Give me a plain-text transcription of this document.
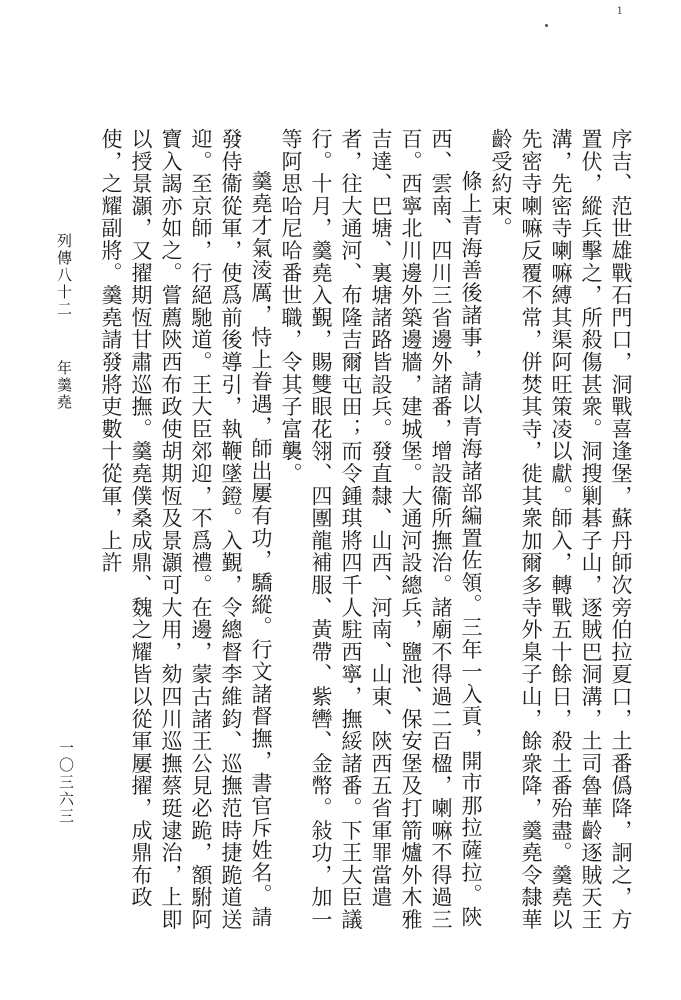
1

序吉、范世雄戰石門口，洞戰喜逢堡，蘇丹師次旁伯拉夏口，土番僞降，詗之，方置伏，縱兵擊之，所殺傷甚衆。洞搜剿碁子山，逐賊巴洞溝，土司魯華齡逐賊天王溝，先密寺喇嘛縛其渠阿旺策凌以獻。師入，轉戰五十餘日，殺土番殆盡。羹堯以先密寺喇嘛反覆不常，併焚其寺，徙其衆加爾多寺外臬子山，餘衆降，羹堯令隸華齡受約束。

條上青海善後諸事，請以青海諸部編置佐領。三年一入貢，開市那拉薩拉。陝西、雲南、四川三省邊外諸番，增設衞所撫治。諸廟不得過二百楹，喇嘛不得過三百。西寧北川邊外築邊牆，建城堡。大通河設總兵，鹽池、保安堡及打箭爐外木雅吉達、巴塘、裏塘諸路皆設兵。發直隸、山西、河南、山東、陝西五省軍罪當遣者，往大通河、布隆吉爾屯田；而令鍾琪將四千人駐西寧，撫綏諸番。下王大臣議行。十月，羹堯入覲，賜雙眼花翎、四團龍補服、黃帶、紫轡、金幣。敍功，加一等阿思哈尼哈番世職，令其子富襲。

羹堯才氣淩厲，恃上眷遇，師出屢有功，驕縱。行文諸督撫，書官斥姓名。請發侍衞從軍，使爲前後導引，執鞭墜鐙。入覲，令總督李維鈞、巡撫范時捷跪道送迎。至京師，行絕馳道。王大臣郊迎，不爲禮。在邊，蒙古諸王公見必跪，額駙阿寶入謁亦如之。嘗薦陝西布政使胡期恆及景灝可大用，劾四川巡撫蔡珽逮治，上即以授景灝，又擢期恆甘肅巡撫。羹堯僕桑成鼎、魏之耀皆以從軍屢擢，成鼎布政使，之耀副將。羹堯請發將吏數十從軍，上許

列傳八十二
年羹堯
一〇三六三
